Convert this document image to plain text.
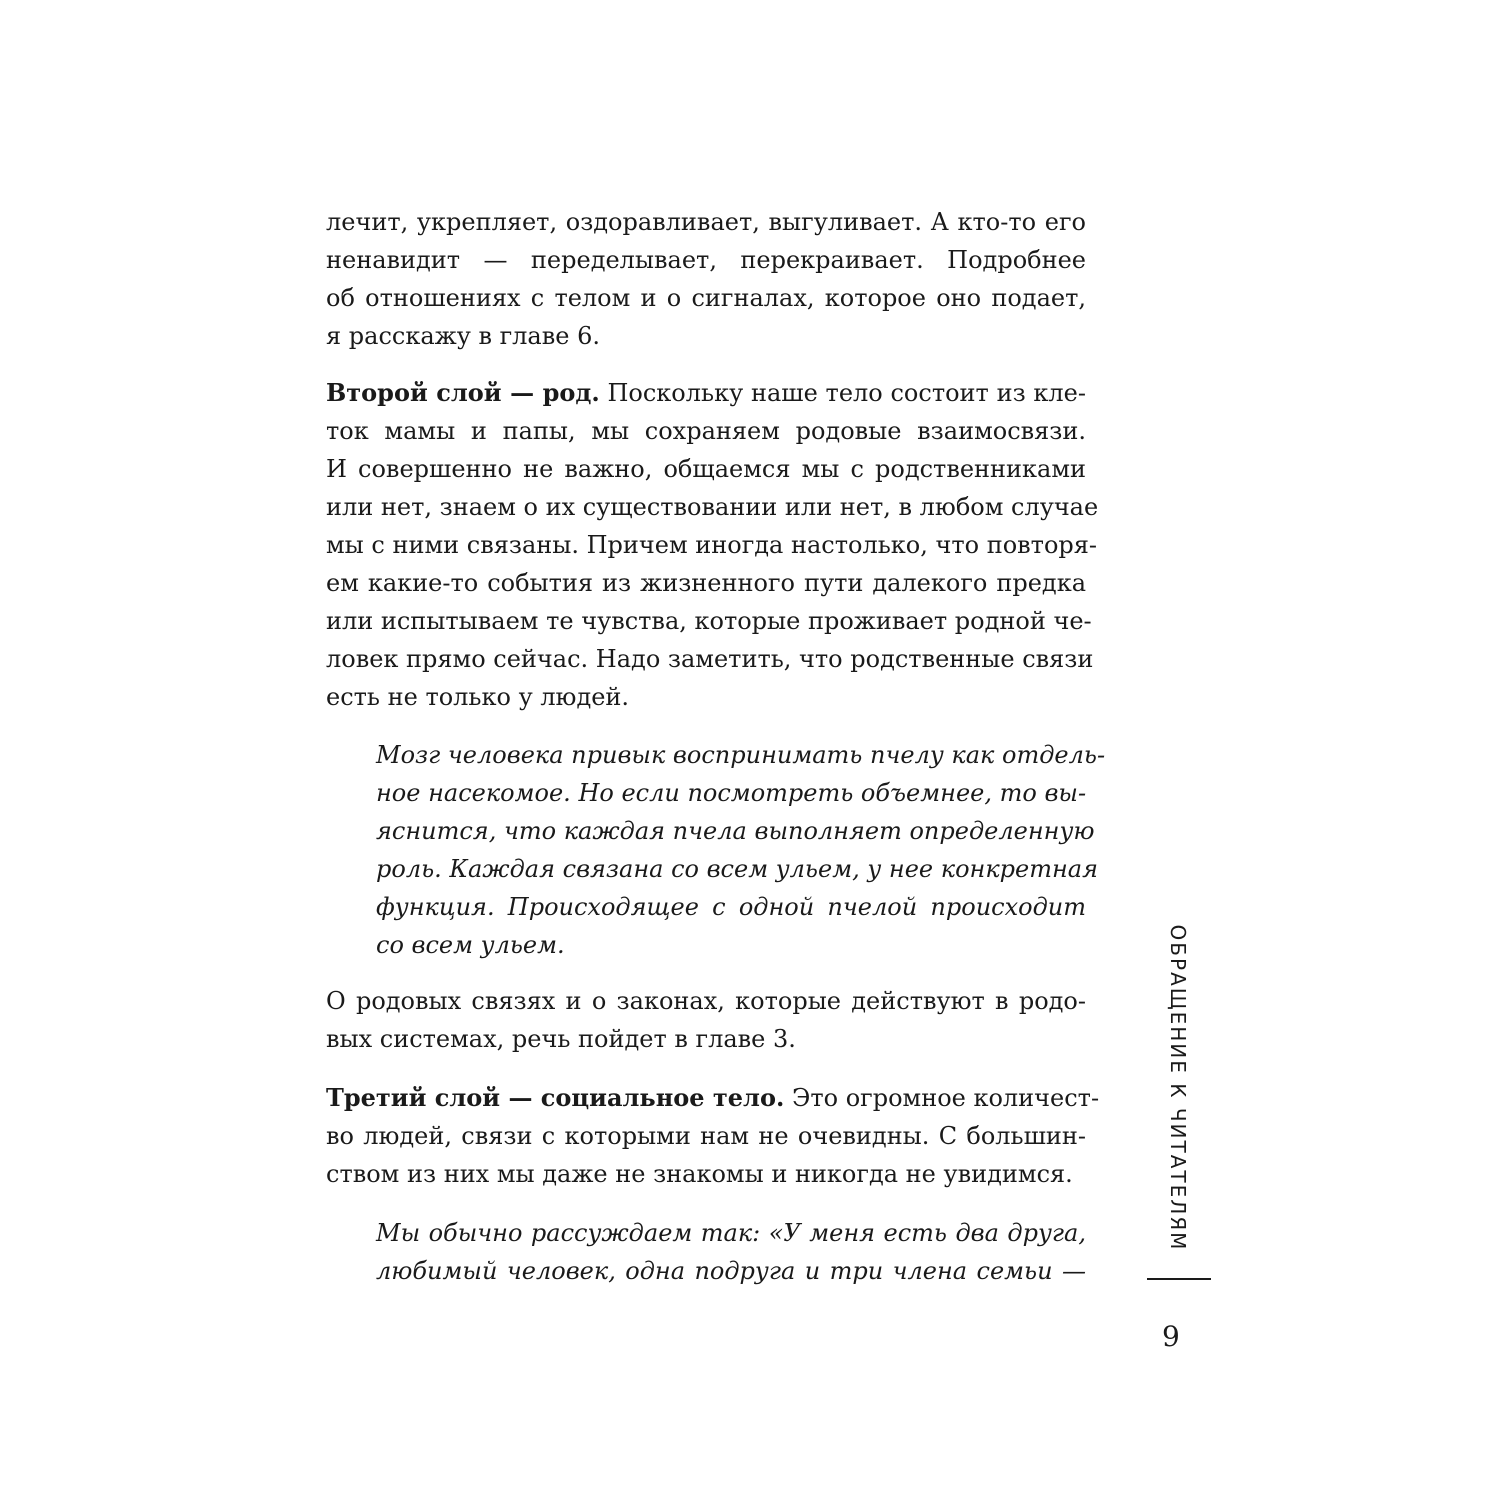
лечит, укрепляет, оздоравливает, выгуливает. А кто-то его
ненавидит — переделывает, перекраивает. Подробнее
об отношениях с телом и о сигналах, которое оно подает,
я расскажу в главе 6.
Второй слой — род. Поскольку наше тело состоит из кле-
ток мамы и папы, мы сохраняем родовые взаимосвязи.
И совершенно не важно, общаемся мы с родственниками
или нет, знаем о их существовании или нет, в любом случае
мы с ними связаны. Причем иногда настолько, что повторя-
ем какие-то события из жизненного пути далекого предка
или испытываем те чувства, которые проживает родной че-
ловек прямо сейчас. Надо заметить, что родственные связи
есть не только у людей.
Мозг человека привык воспринимать пчелу как отдель-
ное насекомое. Но если посмотреть объемнее, то вы-
яснится, что каждая пчела выполняет определенную
роль. Каждая связана со всем ульем, у нее конкретная
функция. Происходящее с одной пчелой происходит
со всем ульем.
О родовых связях и о законах, которые действуют в родо-
вых системах, речь пойдет в главе 3.
Третий слой — социальное тело. Это огромное количест-
во людей, связи с которыми нам не очевидны. С большин-
ством из них мы даже не знакомы и никогда не увидимся.
Мы обычно рассуждаем так: «У меня есть два друга,
любимый человек, одна подруга и три члена семьи —
ОБРАЩЕНИЕ К ЧИТАТЕЛЯМ
9
